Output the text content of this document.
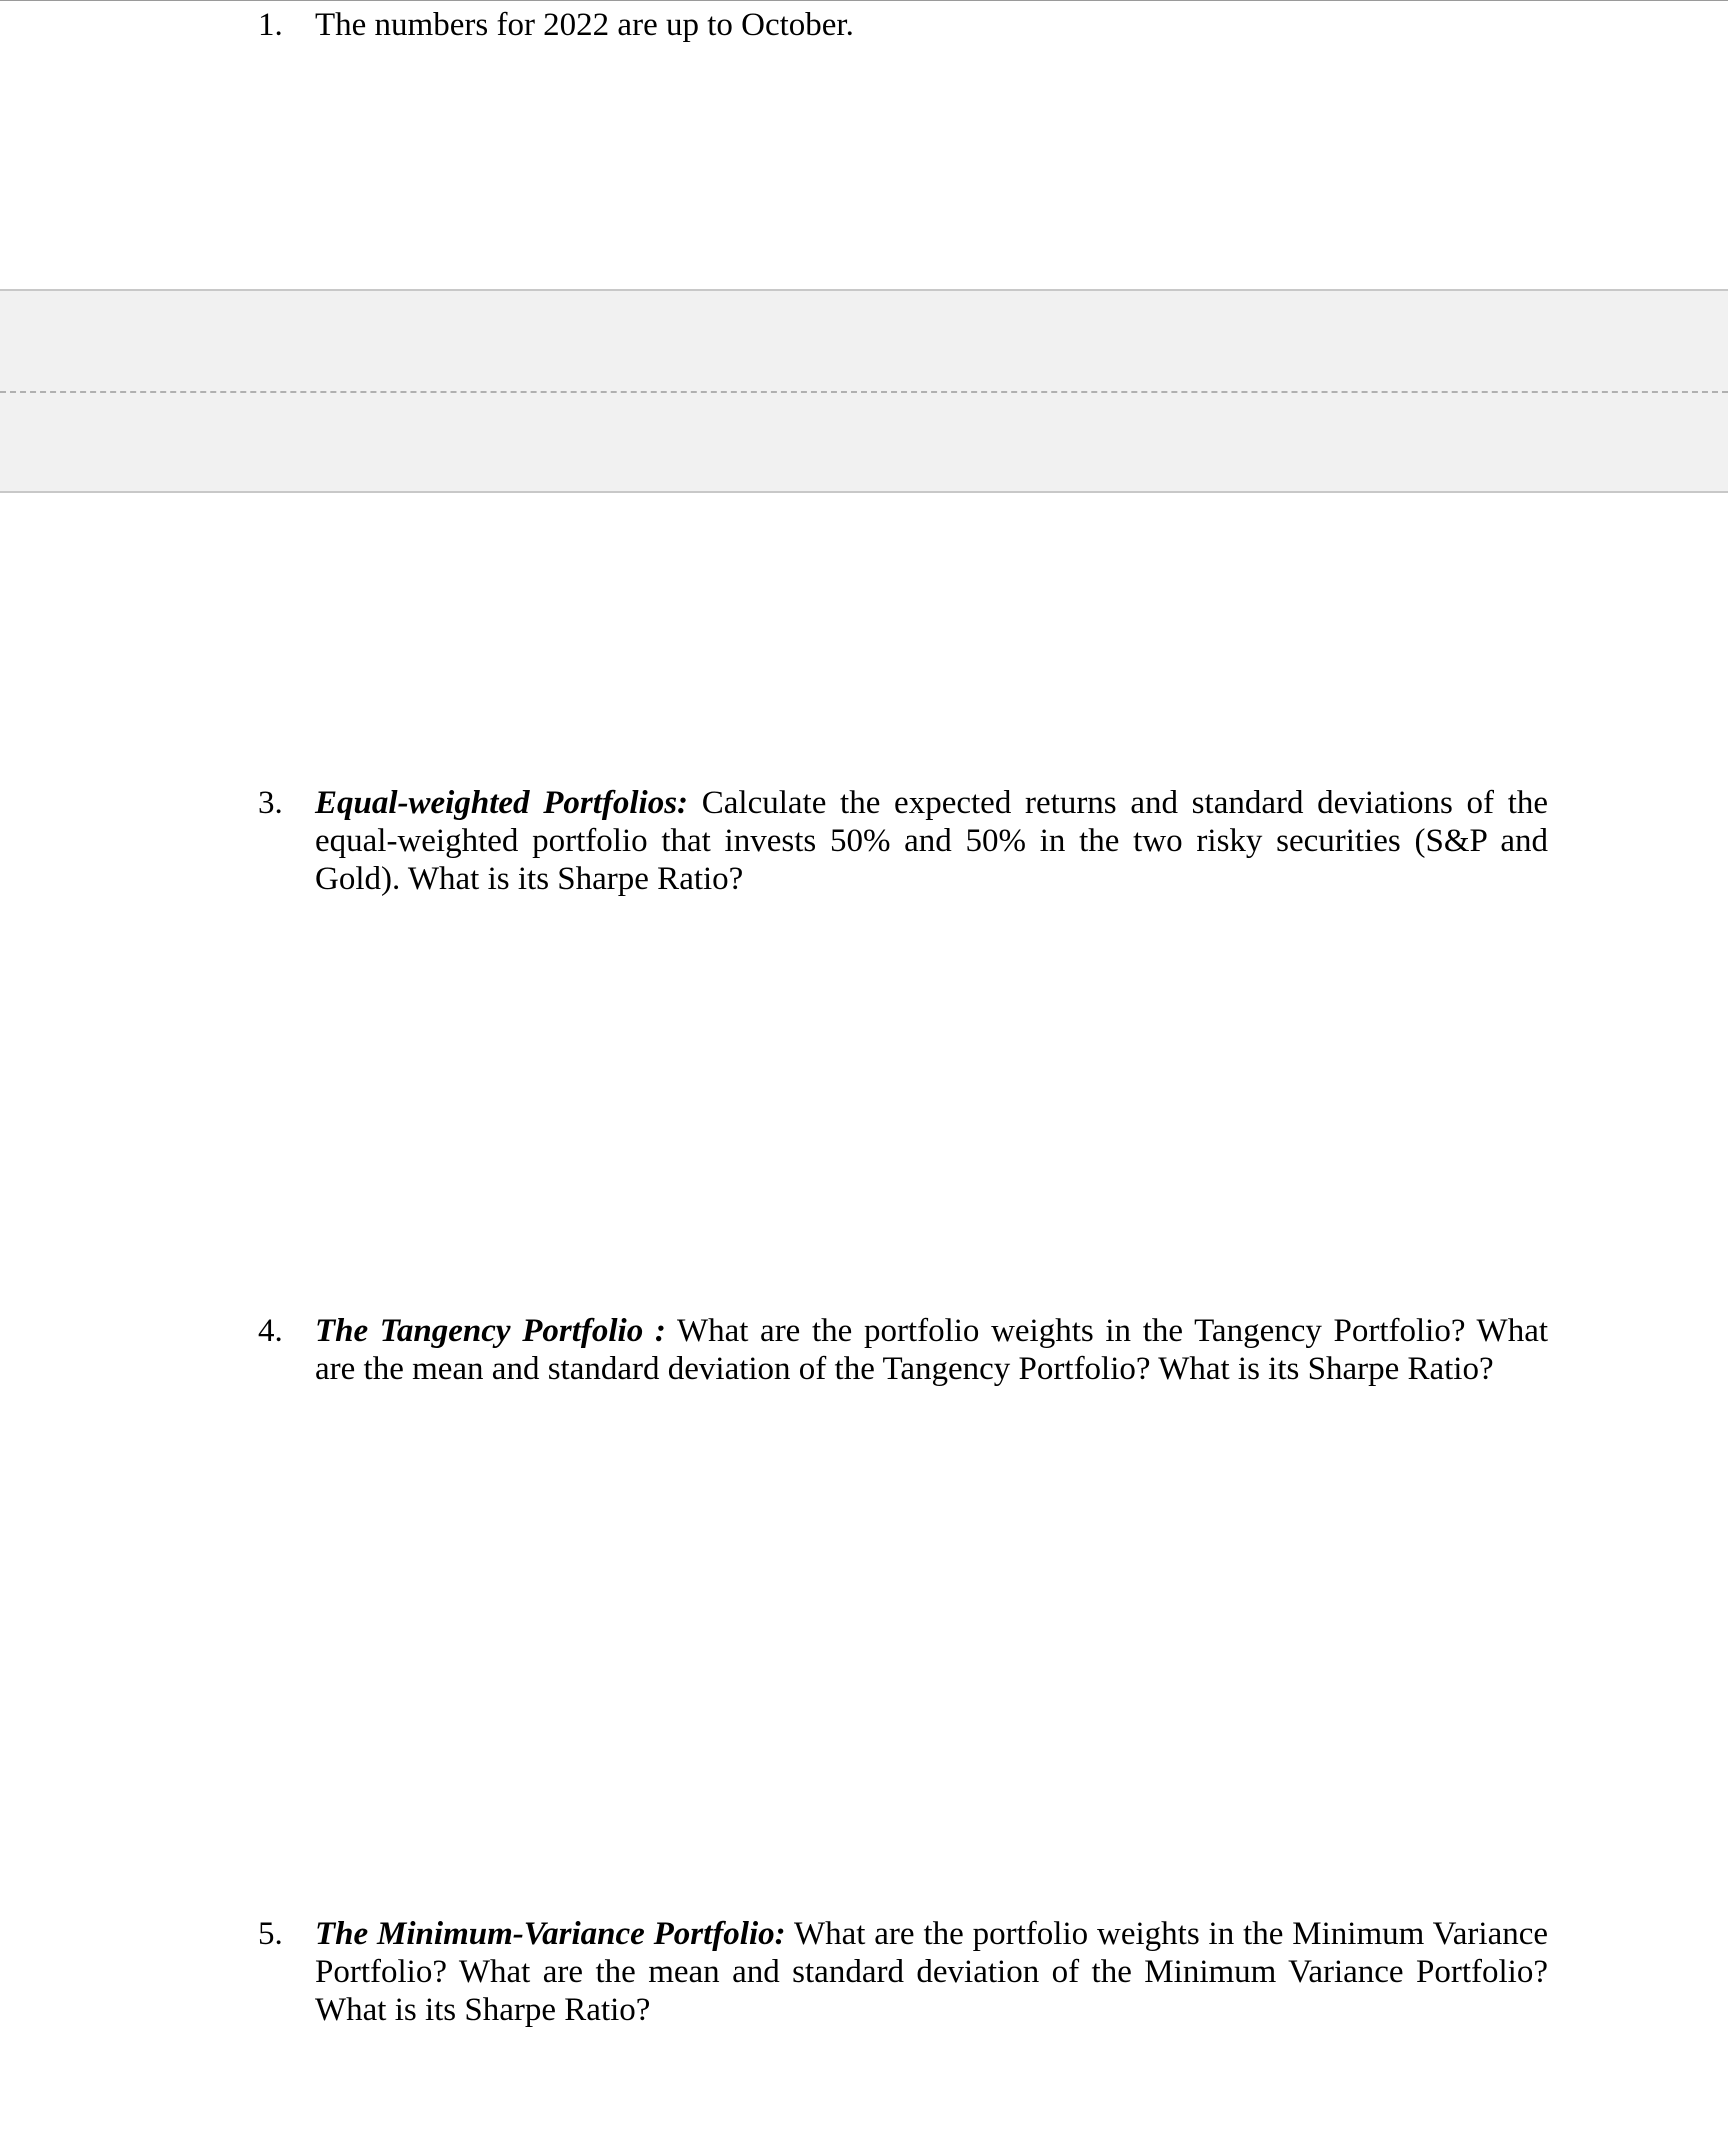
1. The numbers for 2022 are up to October.
3. Equal-weighted Portfolios: Calculate the expected returns and standard deviations of the equal-weighted portfolio that invests 50% and 50% in the two risky securities (S&P and Gold). What is its Sharpe Ratio?
4. The Tangency Portfolio : What are the portfolio weights in the Tangency Portfolio? What are the mean and standard deviation of the Tangency Portfolio? What is its Sharpe Ratio?
5. The Minimum-Variance Portfolio: What are the portfolio weights in the Minimum Variance Portfolio? What are the mean and standard deviation of the Minimum Variance Portfolio? What is its Sharpe Ratio?
